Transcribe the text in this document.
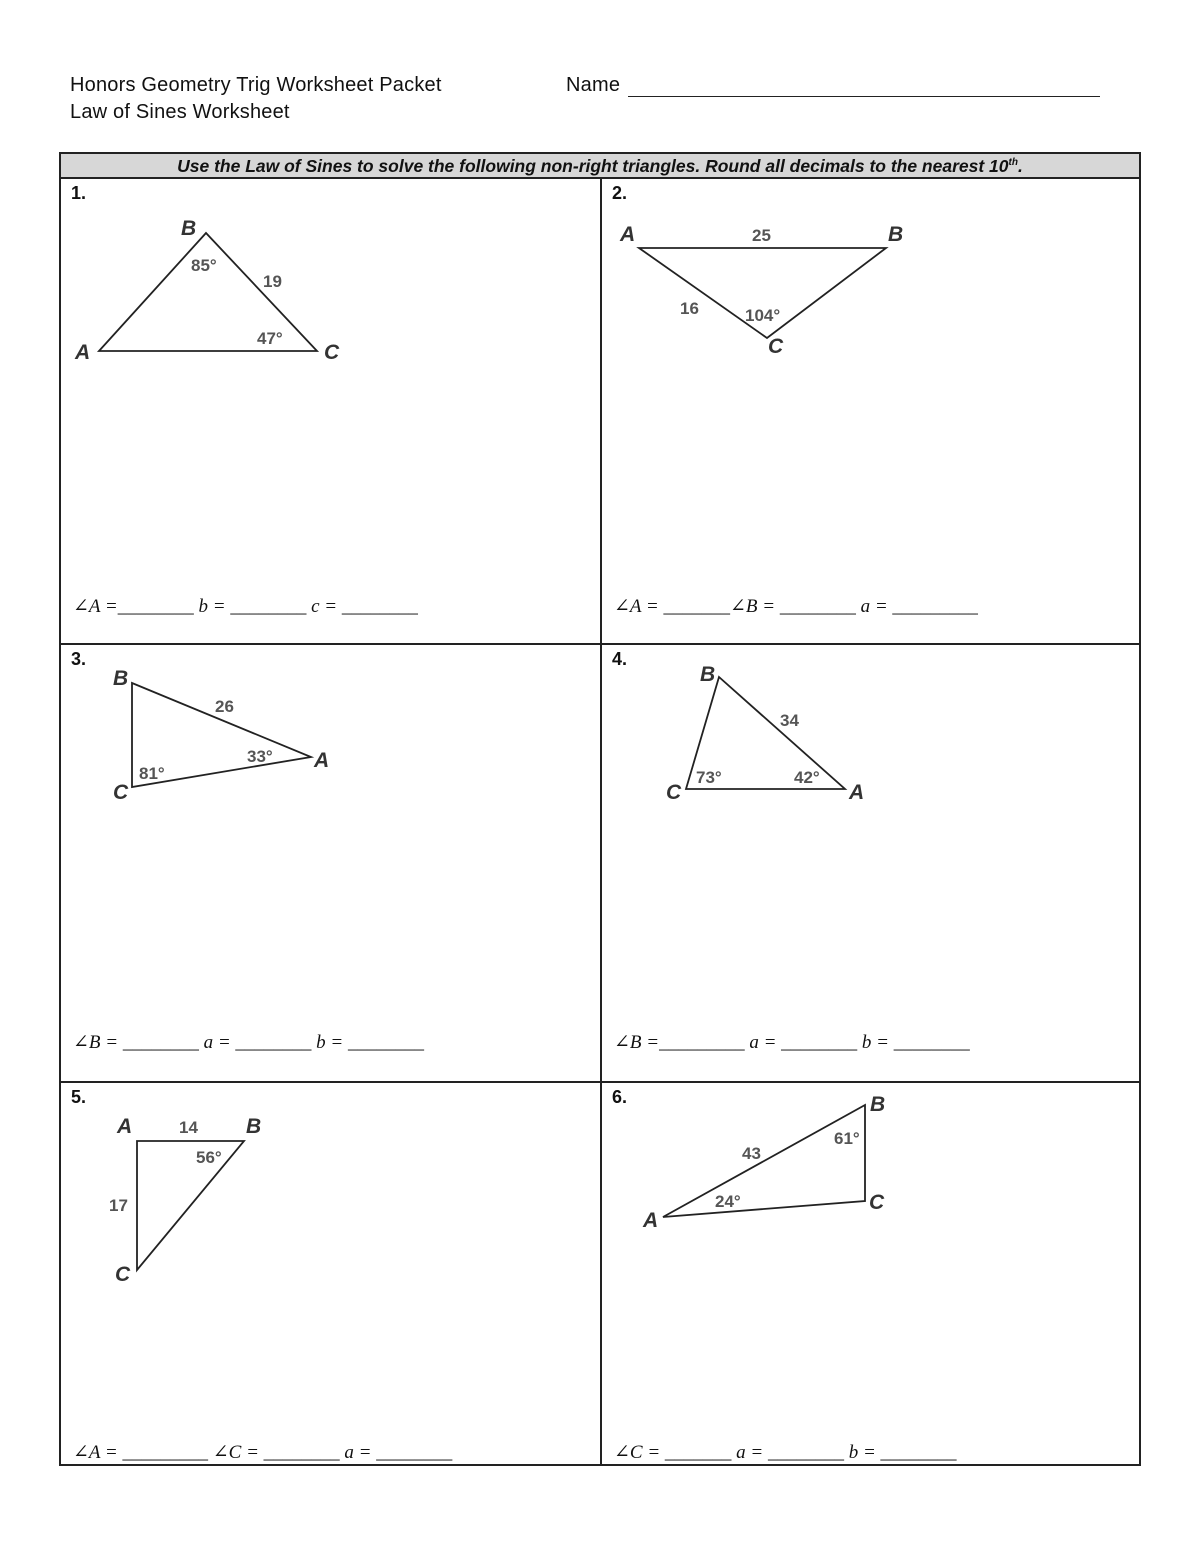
Honors Geometry Trig Worksheet Packet
Law of Sines Worksheet
Name
Use the Law of Sines to solve the following non-right triangles. Round all decimals to the nearest 10th.
1.
B
A	C
85°
19
47°
∠A =________ b = ________ c = ________
2.
A	B
C
25
16	104°
∠A = _______∠B = ________ a = _________
3.
B
C
A
26
33°
81°
∠B = ________ a = ________ b = ________
4.
B
C	A
34
73°	42°
∠B =_________ a = ________ b = ________
5.
A	B
C
14
56°
17
∠A = _________ ∠C = ________ a = ________
6.	B
C
A
43
61°
24°
∠C = _______ a = ________ b = ________
